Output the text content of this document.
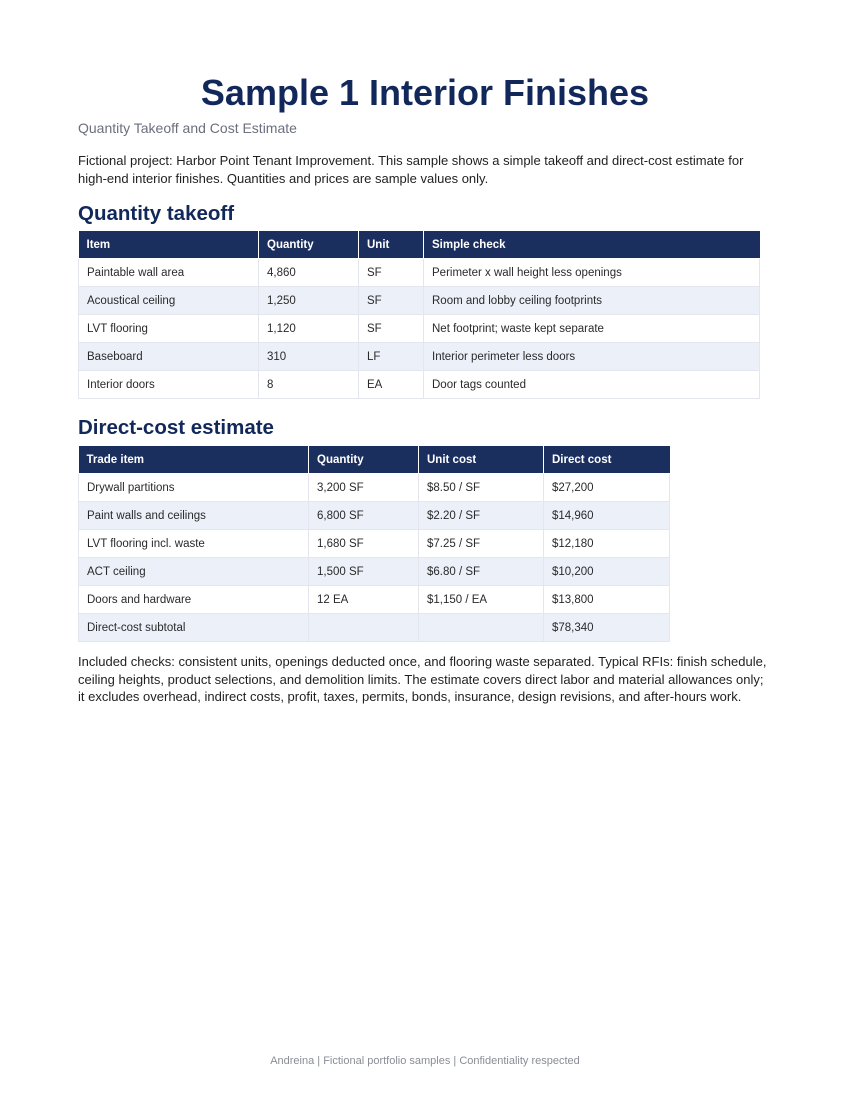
Sample 1 Interior Finishes
Quantity Takeoff and Cost Estimate

Fictional project: Harbor Point Tenant Improvement. This sample shows a simple takeoff and direct-cost estimate for high-end interior finishes. Quantities and prices are sample values only.

Quantity takeoff
Item	Quantity	Unit	Simple check
Paintable wall area	4,860	SF	Perimeter x wall height less openings
Acoustical ceiling	1,250	SF	Room and lobby ceiling footprints
LVT flooring	1,120	SF	Net footprint; waste kept separate
Baseboard	310	LF	Interior perimeter less doors
Interior doors	8	EA	Door tags counted
Direct-cost estimate
Trade item	Quantity	Unit cost	Direct cost
Drywall partitions	3,200 SF	$8.50 / SF	$27,200
Paint walls and ceilings	6,800 SF	$2.20 / SF	$14,960
LVT flooring incl. waste	1,680 SF	$7.25 / SF	$12,180
ACT ceiling	1,500 SF	$6.80 / SF	$10,200
Doors and hardware	12 EA	$1,150 / EA	$13,800
Direct-cost subtotal			$78,340

Included checks: consistent units, openings deducted once, and flooring waste separated. Typical RFIs: finish schedule, ceiling heights, product selections, and demolition limits. The estimate covers direct labor and material allowances only; it excludes overhead, indirect costs, profit, taxes, permits, bonds, insurance, design revisions, and after-hours work.

Andreina | Fictional portfolio samples | Confidentiality respected
